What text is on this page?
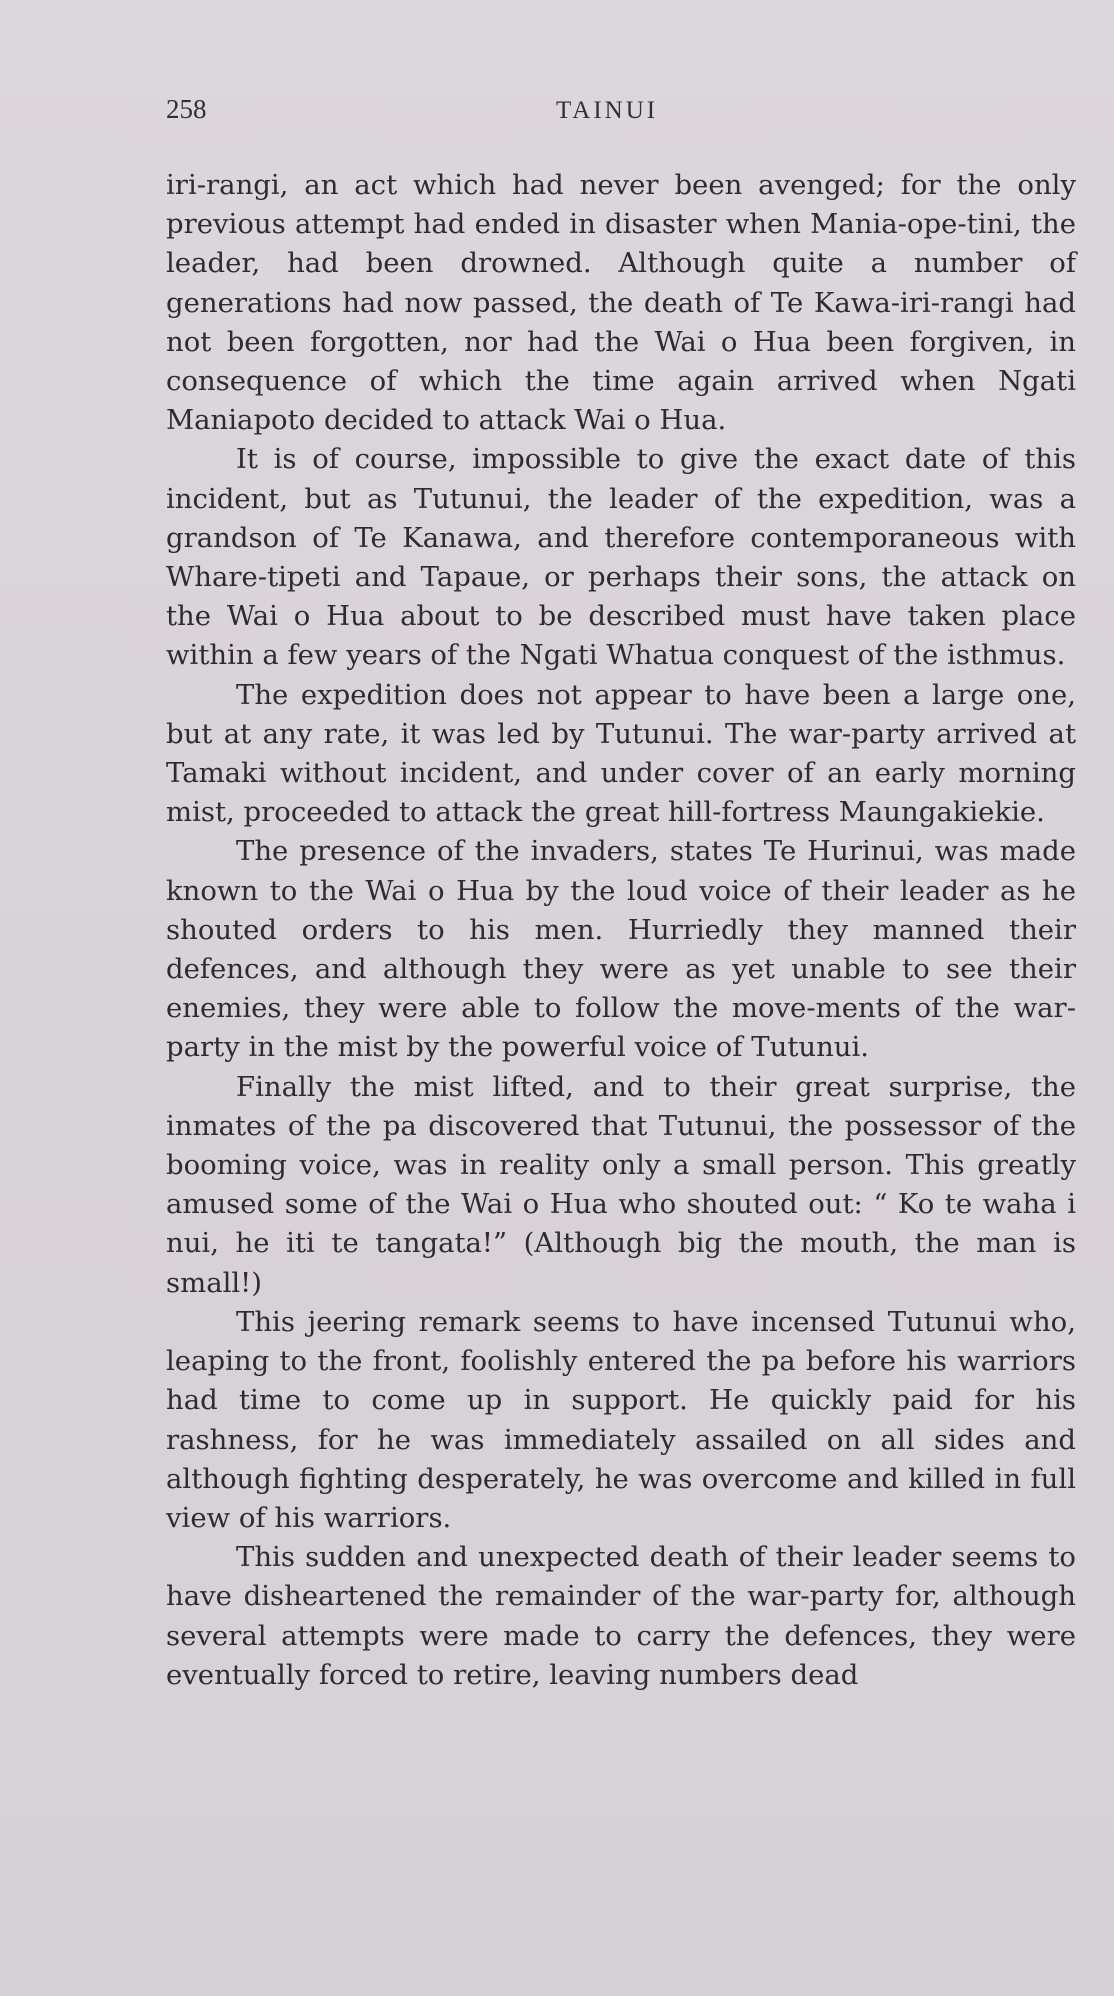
258	TAINUI

iri-rangi, an act which had never been avenged; for the only previous attempt had ended in disaster when Mania-ope-tini, the leader, had been drowned. Although quite a number of generations had now passed, the death of Te Kawa-iri-rangi had not been forgotten, nor had the Wai o Hua been forgiven, in consequence of which the time again arrived when Ngati Maniapoto decided to attack Wai o Hua.

It is of course, impossible to give the exact date of this incident, but as Tutunui, the leader of the expedition, was a grandson of Te Kanawa, and therefore contemporaneous with Whare-tipeti and Tapaue, or perhaps their sons, the attack on the Wai o Hua about to be described must have taken place within a few years of the Ngati Whatua conquest of the isthmus.

The expedition does not appear to have been a large one, but at any rate, it was led by Tutunui. The war-party arrived at Tamaki without incident, and under cover of an early morning mist, proceeded to attack the great hill-fortress Maungakiekie.

The presence of the invaders, states Te Hurinui, was made known to the Wai o Hua by the loud voice of their leader as he shouted orders to his men. Hurriedly they manned their defences, and although they were as yet unable to see their enemies, they were able to follow the move-ments of the war-party in the mist by the powerful voice of Tutunui.

Finally the mist lifted, and to their great surprise, the inmates of the pa discovered that Tutunui, the possessor of the booming voice, was in reality only a small person. This greatly amused some of the Wai o Hua who shouted out: “ Ko te waha i nui, he iti te tangata!” (Although big the mouth, the man is small!)

This jeering remark seems to have incensed Tutunui who, leaping to the front, foolishly entered the pa before his warriors had time to come up in support. He quickly paid for his rashness, for he was immediately assailed on all sides and although fighting desperately, he was overcome and killed in full view of his warriors.

This sudden and unexpected death of their leader seems to have disheartened the remainder of the war-party for, although several attempts were made to carry the defences, they were eventually forced to retire, leaving numbers dead
